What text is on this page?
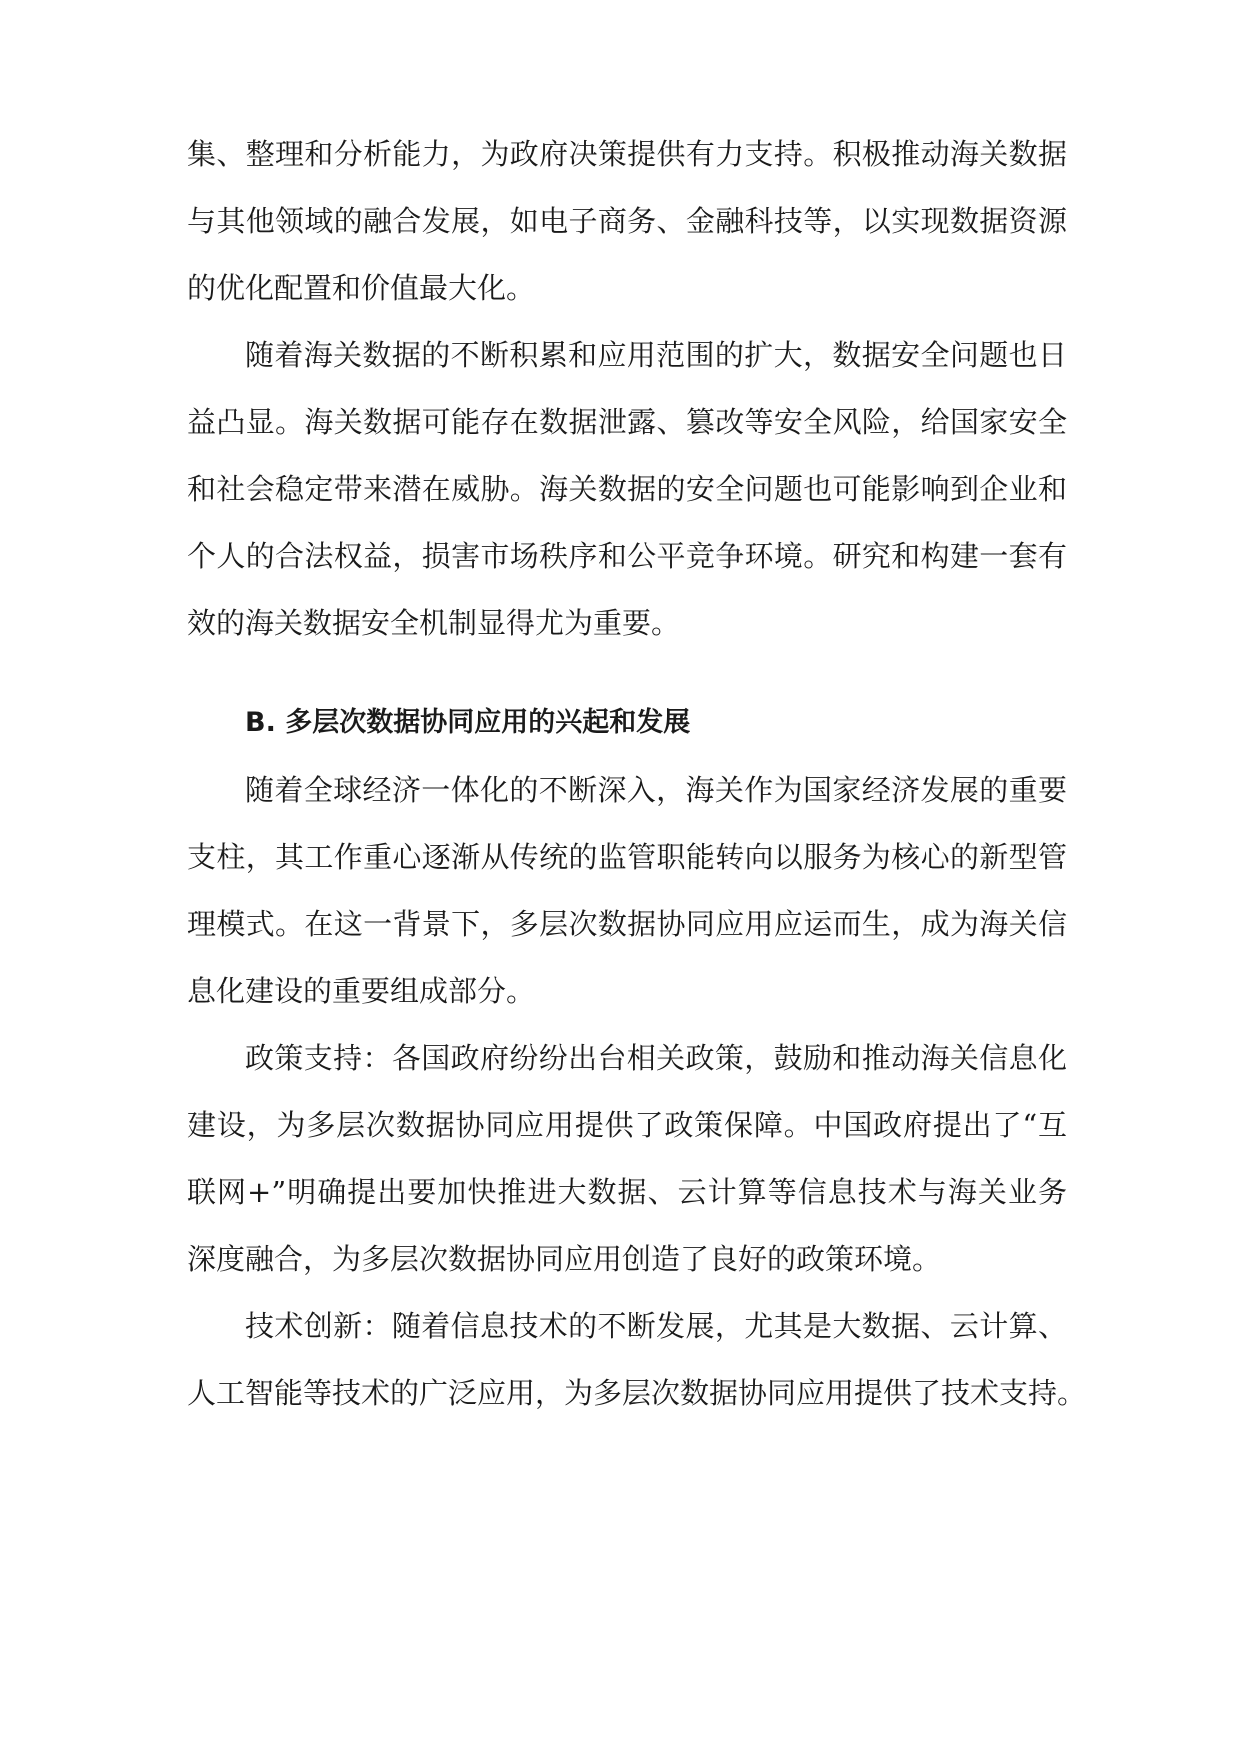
集、整理和分析能力，为政府决策提供有力支持。积极推动海关数据
与其他领域的融合发展，如电子商务、金融科技等，以实现数据资源
的优化配置和价值最大化。
随着海关数据的不断积累和应用范围的扩大，数据安全问题也日
益凸显。海关数据可能存在数据泄露、篡改等安全风险，给国家安全
和社会稳定带来潜在威胁。海关数据的安全问题也可能影响到企业和
个人的合法权益，损害市场秩序和公平竞争环境。研究和构建一套有
效的海关数据安全机制显得尤为重要。
B. 多层次数据协同应用的兴起和发展
随着全球经济一体化的不断深入，海关作为国家经济发展的重要
支柱，其工作重心逐渐从传统的监管职能转向以服务为核心的新型管
理模式。在这一背景下，多层次数据协同应用应运而生，成为海关信
息化建设的重要组成部分。
政策支持：各国政府纷纷出台相关政策，鼓励和推动海关信息化
建设，为多层次数据协同应用提供了政策保障。中国政府提出了“互
联网+”明确提出要加快推进大数据、云计算等信息技术与海关业务
深度融合，为多层次数据协同应用创造了良好的政策环境。
技术创新：随着信息技术的不断发展，尤其是大数据、云计算、
人工智能等技术的广泛应用，为多层次数据协同应用提供了技术支持。
